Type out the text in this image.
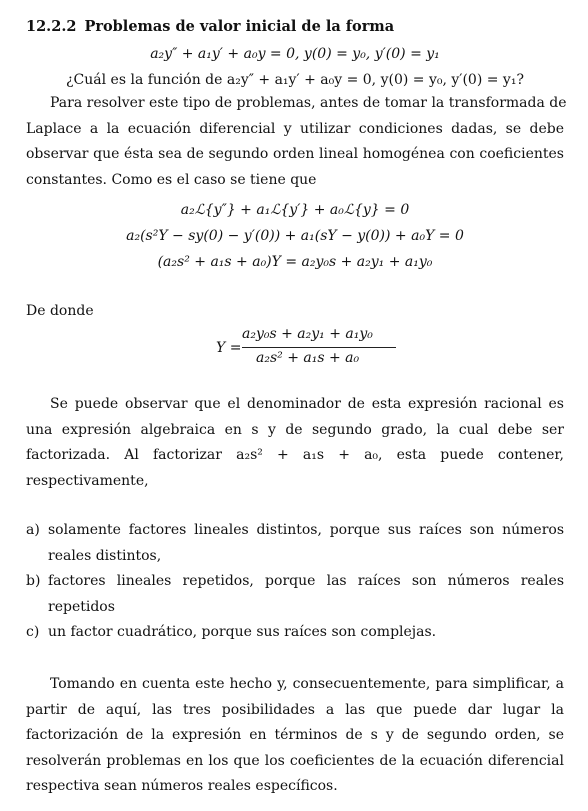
12.2.2 Problemas de valor inicial de la forma
a₂y″ + a₁y′ + a₀y = 0, y(0) = y₀, y′(0) = y₁
¿Cuál es la función de a₂y″ + a₁y′ + a₀y = 0, y(0) = y₀, y′(0) = y₁?
Para resolver este tipo de problemas, antes de tomar la transformada de
Laplace a la ecuación diferencial y utilizar condiciones dadas, se debe
observar que ésta sea de segundo orden lineal homogénea con coeficientes
constantes. Como es el caso se tiene que
a₂ℒ{y″} + a₁ℒ{y′} + a₀ℒ{y} = 0
a₂(s²Y − sy(0) − y′(0)) + a₁(sY − y(0)) + a₀Y = 0
(a₂s² + a₁s + a₀)Y = a₂y₀s + a₂y₁ + a₁y₀
De donde
Y =
a₂y₀s + a₂y₁ + a₁y₀
a₂s² + a₁s + a₀
Se puede observar que el denominador de esta expresión racional es
una expresión algebraica en s y de segundo grado, la cual debe ser
factorizada. Al factorizar a₂s² + a₁s + a₀, esta puede contener,
respectivamente,
a) solamente factores lineales distintos, porque sus raíces son números
reales distintos,
b) factores lineales repetidos, porque las raíces son números reales
repetidos
c) un factor cuadrático, porque sus raíces son complejas.
Tomando en cuenta este hecho y, consecuentemente, para simplificar, a
partir de aquí, las tres posibilidades a las que puede dar lugar la
factorización de la expresión en términos de s y de segundo orden, se
resolverán problemas en los que los coeficientes de la ecuación diferencial
respectiva sean números reales específicos.
